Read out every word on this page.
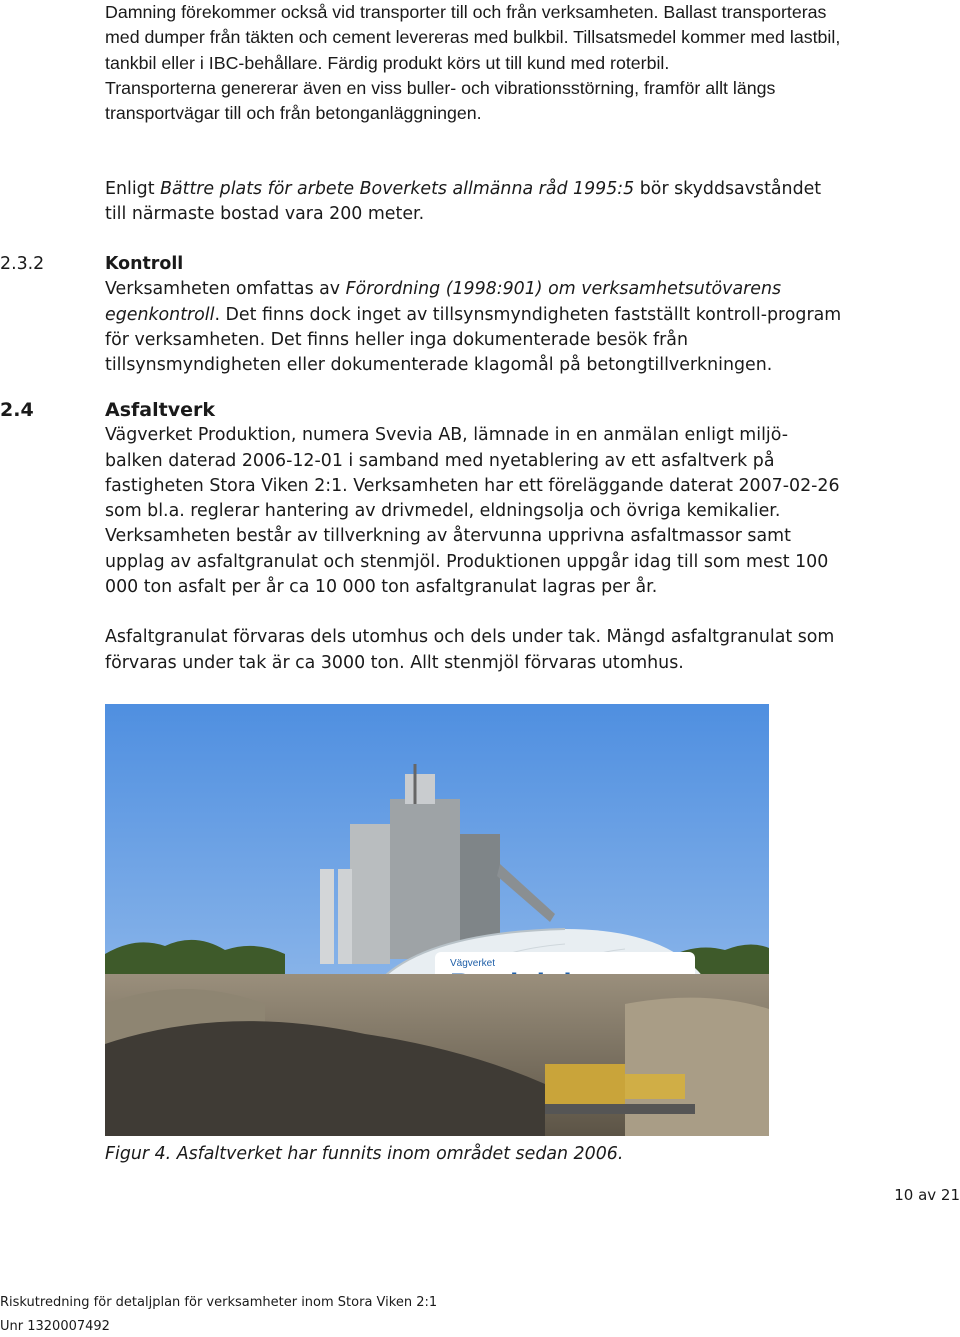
Damning förekommer också vid transporter till och från verksamheten. Ballast transporteras med dumper från täkten och cement levereras med bulkbil. Tillsatsmedel kommer med lastbil, tankbil eller i IBC-behållare. Färdig produkt körs ut till kund med roterbil.

Transporterna genererar även en viss buller- och vibrationsstörning, framför allt längs transportvägar till och från betonganläggningen.

Enligt Bättre plats för arbete Boverkets allmänna råd 1995:5 bör skyddsavståndet till närmaste bostad vara 200 meter.

2.3.2	Kontroll

Verksamheten omfattas av Förordning (1998:901) om verksamhetsutövarens egenkontroll. Det finns dock inget av tillsynsmyndigheten fastställt kontroll-program för verksamheten. Det finns heller inga dokumenterade besök från tillsynsmyndigheten eller dokumenterade klagomål på betongtillverkningen.

2.4	Asfaltverk

Vägverket Produktion, numera Svevia AB, lämnade in en anmälan enligt miljö-balken daterad 2006-12-01 i samband med nyetablering av ett asfaltverk på fastigheten Stora Viken 2:1. Verksamheten har ett föreläggande daterat 2007-02-26 som bl.a. reglerar hantering av drivmedel, eldningsolja och övriga kemikalier. Verksamheten består av tillverkning av återvunna upprivna asfaltmassor samt upplag av asfaltgranulat och stenmjöl. Produktionen uppgår idag till som mest 100 000 ton asfalt per år ca 10 000 ton asfaltgranulat lagras per år.

Asfaltgranulat förvaras dels utomhus och dels under tak. Mängd asfaltgranulat som förvaras under tak är ca 3000 ton. Allt stenmjöl förvaras utomhus.

Vägverket
Figur 4. Asfaltverket har funnits inom området sedan 2006.
10 av 21
Riskutredning för detaljplan för verksamheter inom Stora Viken 2:1
Unr 1320007492
